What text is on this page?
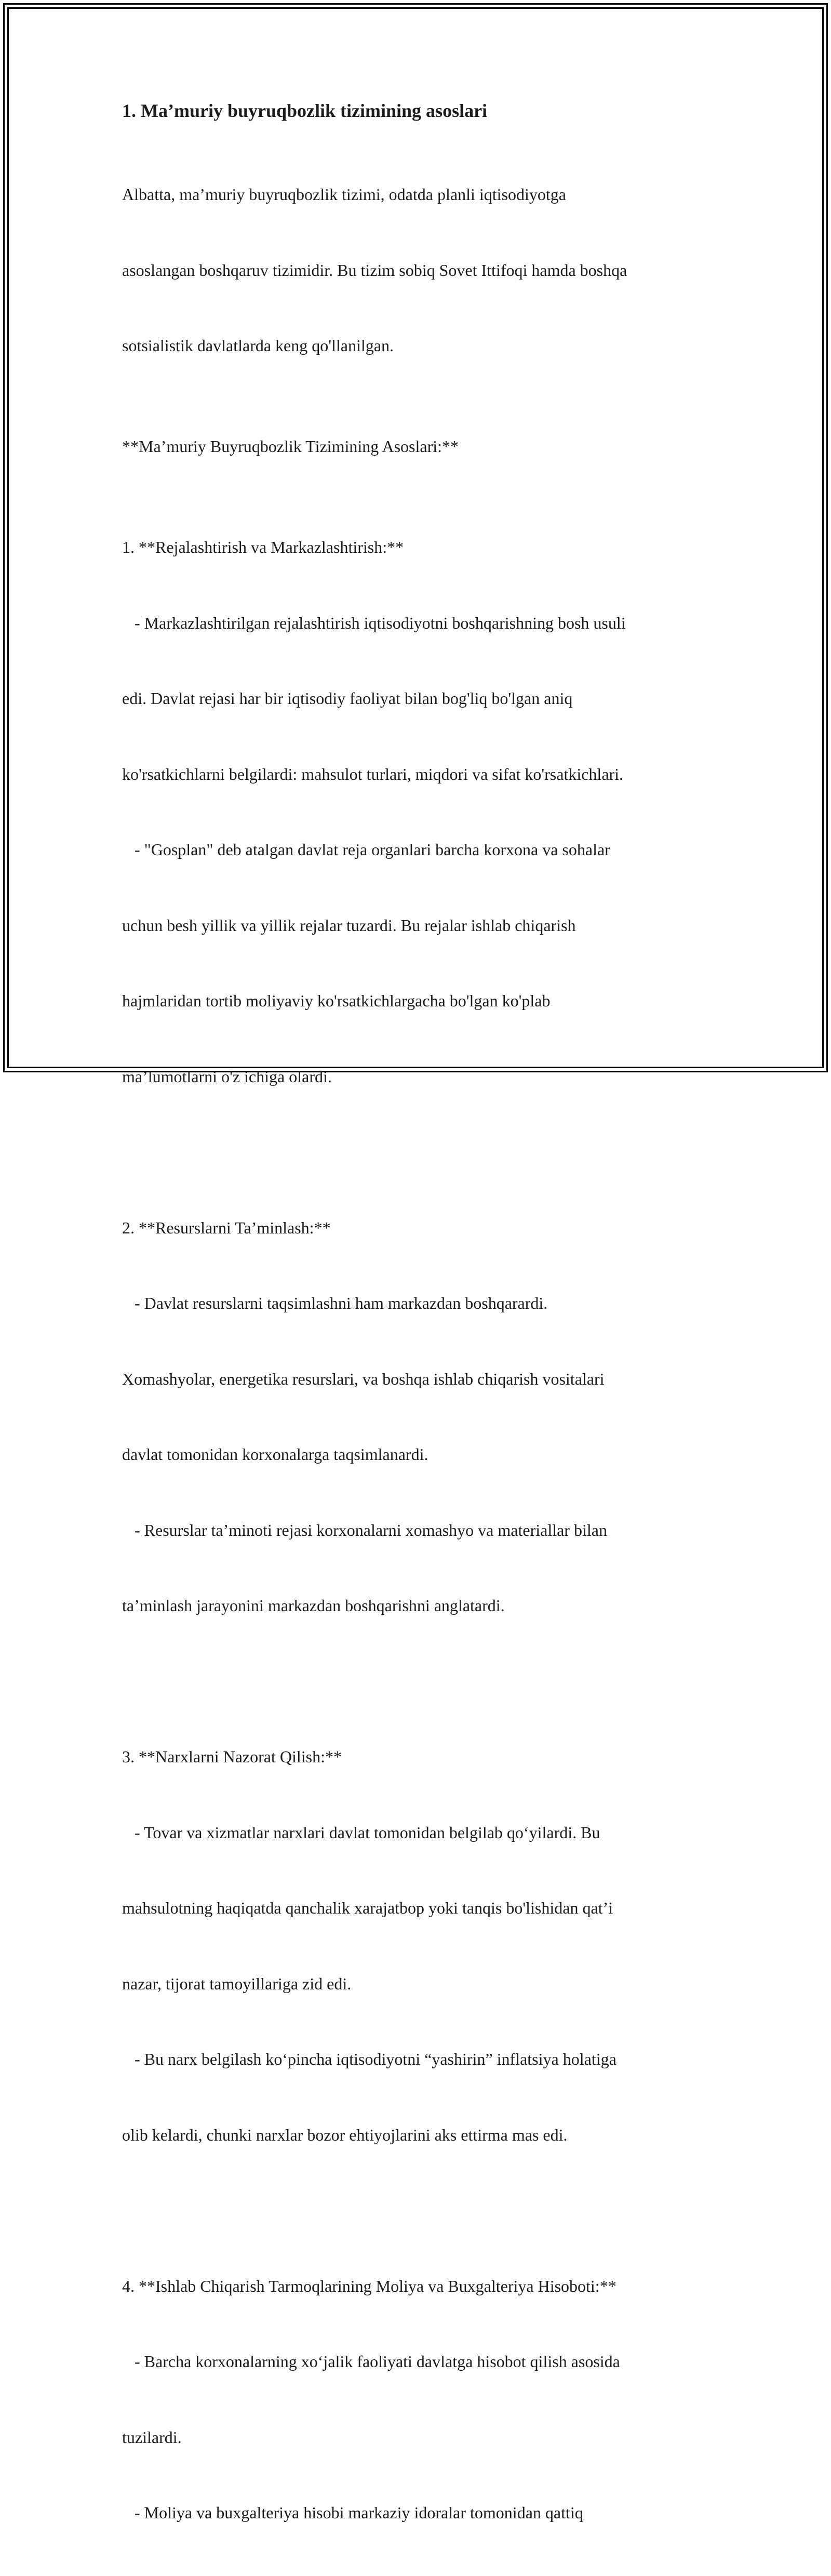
1. Ma’muriy buyruqbozlik tizimining asoslari

Albatta, ma’muriy buyruqbozlik tizimi, odatda planli iqtisodiyotga

asoslangan boshqaruv tizimidir. Bu tizim sobiq Sovet Ittifoqi hamda boshqa

sotsialistik davlatlarda keng qo'llanilgan.

**Ma’muriy Buyruqbozlik Tizimining Asoslari:**

1. **Rejalashtirish va Markazlashtirish:**

- Markazlashtirilgan rejalashtirish iqtisodiyotni boshqarishning bosh usuli

edi. Davlat rejasi har bir iqtisodiy faoliyat bilan bog'liq bo'lgan aniq

ko'rsatkichlarni belgilardi: mahsulot turlari, miqdori va sifat ko'rsatkichlari.

- "Gosplan" deb atalgan davlat reja organlari barcha korxona va sohalar

uchun besh yillik va yillik rejalar tuzardi. Bu rejalar ishlab chiqarish

hajmlaridan tortib moliyaviy ko'rsatkichlargacha bo'lgan ko'plab

ma’lumotlarni o'z ichiga olardi.

2. **Resurslarni Ta’minlash:**

- Davlat resurslarni taqsimlashni ham markazdan boshqarardi.

Xomashyolar, energetika resurslari, va boshqa ishlab chiqarish vositalari

davlat tomonidan korxonalarga taqsimlanardi.

- Resurslar ta’minoti rejasi korxonalarni xomashyo va materiallar bilan

ta’minlash jarayonini markazdan boshqarishni anglatardi.

3. **Narxlarni Nazorat Qilish:**

- Tovar va xizmatlar narxlari davlat tomonidan belgilab qo‘yilardi. Bu

mahsulotning haqiqatda qanchalik xarajatbop yoki tanqis bo'lishidan qat’i

nazar, tijorat tamoyillariga zid edi.

- Bu narx belgilash ko‘pincha iqtisodiyotni “yashirin” inflatsiya holatiga

olib kelardi, chunki narxlar bozor ehtiyojlarini aks ettirma mas edi.

4. **Ishlab Chiqarish Tarmoqlarining Moliya va Buxgalteriya Hisoboti:**

- Barcha korxonalarning xo‘jalik faoliyati davlatga hisobot qilish asosida

tuzilardi.

- Moliya va buxgalteriya hisobi markaziy idoralar tomonidan qattiq
